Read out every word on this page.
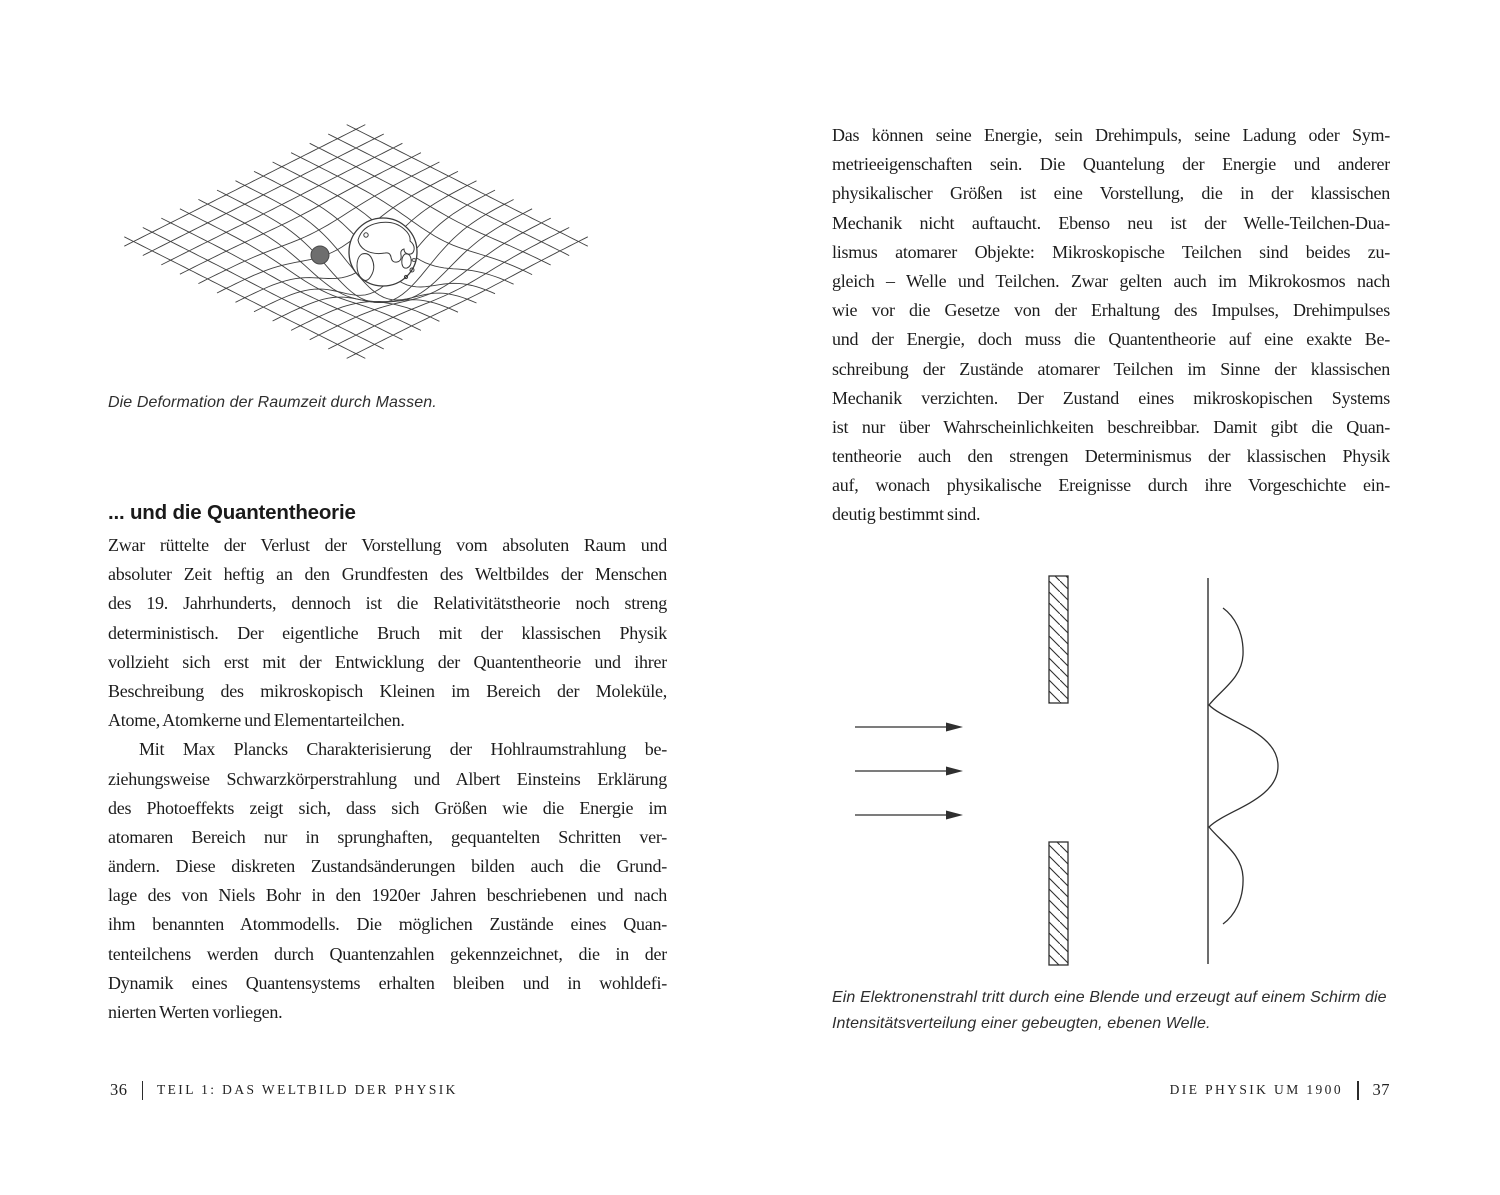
Die Deformation der Raumzeit durch Massen.
... und die Quantentheorie
Zwar rüttelte der Verlust der Vorstellung vom absoluten Raum und
absoluter Zeit heftig an den Grundfesten des Weltbildes der Menschen
des 19. Jahrhunderts, dennoch ist die Relativitätstheorie noch streng
deterministisch. Der eigentliche Bruch mit der klassischen Physik
vollzieht sich erst mit der Entwicklung der Quantentheorie und ihrer
Beschreibung des mikroskopisch Kleinen im Bereich der Moleküle,
Atome, Atomkerne und Elementarteilchen.
Mit Max Plancks Charakterisierung der Hohlraumstrahlung be-
ziehungsweise Schwarzkörperstrahlung und Albert Einsteins Erklärung
des Photoeffekts zeigt sich, dass sich Größen wie die Energie im
atomaren Bereich nur in sprunghaften, gequantelten Schritten ver-
ändern. Diese diskreten Zustandsänderungen bilden auch die Grund-
lage des von Niels Bohr in den 1920er Jahren beschriebenen und nach
ihm benannten Atommodells. Die möglichen Zustände eines Quan-
tenteilchens werden durch Quantenzahlen gekennzeichnet, die in der
Dynamik eines Quantensystems erhalten bleiben und in wohldefi-
nierten Werten vorliegen.
36 TEIL 1: DAS WELTBILD DER PHYSIK
Das können seine Energie, sein Drehimpuls, seine Ladung oder Sym-
metrieeigenschaften sein. Die Quantelung der Energie und anderer
physikalischer Größen ist eine Vorstellung, die in der klassischen
Mechanik nicht auftaucht. Ebenso neu ist der Welle-Teilchen-Dua-
lismus atomarer Objekte: Mikroskopische Teilchen sind beides zu-
gleich – Welle und Teilchen. Zwar gelten auch im Mikrokosmos nach
wie vor die Gesetze von der Erhaltung des Impulses, Drehimpulses
und der Energie, doch muss die Quantentheorie auf eine exakte Be-
schreibung der Zustände atomarer Teilchen im Sinne der klassischen
Mechanik verzichten. Der Zustand eines mikroskopischen Systems
ist nur über Wahrscheinlichkeiten beschreibbar. Damit gibt die Quan-
tentheorie auch den strengen Determinismus der klassischen Physik
auf, wonach physikalische Ereignisse durch ihre Vorgeschichte ein-
deutig bestimmt sind.
Ein Elektronenstrahl tritt durch eine Blende und erzeugt auf einem Schirm die
Intensitätsverteilung einer gebeugten, ebenen Welle.
DIE PHYSIK UM 1900 37
